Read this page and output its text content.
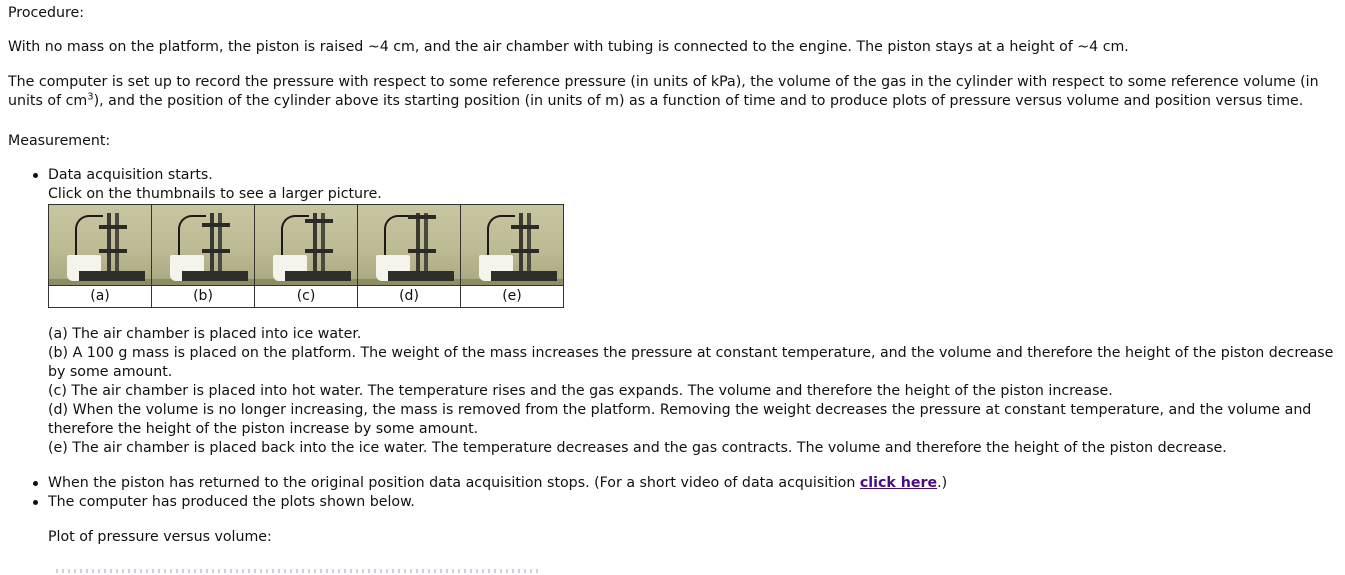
Procedure:
With no mass on the platform, the piston is raised ~4 cm, and the air chamber with tubing is connected to the engine. The piston stays at a height of ~4 cm.
The computer is set up to record the pressure with respect to some reference pressure (in units of kPa), the volume of the gas in the cylinder with respect to some reference volume (in units of $cm^3$), and the position of the cylinder above its starting position (in units of m) as a function of time and to produce plots of pressure versus volume and position versus time.
Measurement:
Data acquisition starts.
Click on the thumbnails to see a larger picture.

(a)	(b)	(c)	(d)	(e)
(a) The air chamber is placed into ice water.
(b) A 100 g mass is placed on the platform. The weight of the mass increases the pressure at constant temperature, and the volume and therefore the height of the piston decrease by some amount.
(c) The air chamber is placed into hot water. The temperature rises and the gas expands. The volume and therefore the height of the piston increase.
(d) When the volume is no longer increasing, the mass is removed from the platform. Removing the weight decreases the pressure at constant temperature, and the volume and therefore the height of the piston increase by some amount.
(e) The air chamber is placed back into the ice water. The temperature decreases and the gas contracts. The volume and therefore the height of the piston decrease.
When the piston has returned to the original position data acquisition stops. (For a short video of data acquisition click here.)
The computer has produced the plots shown below.
Plot of pressure versus volume:
